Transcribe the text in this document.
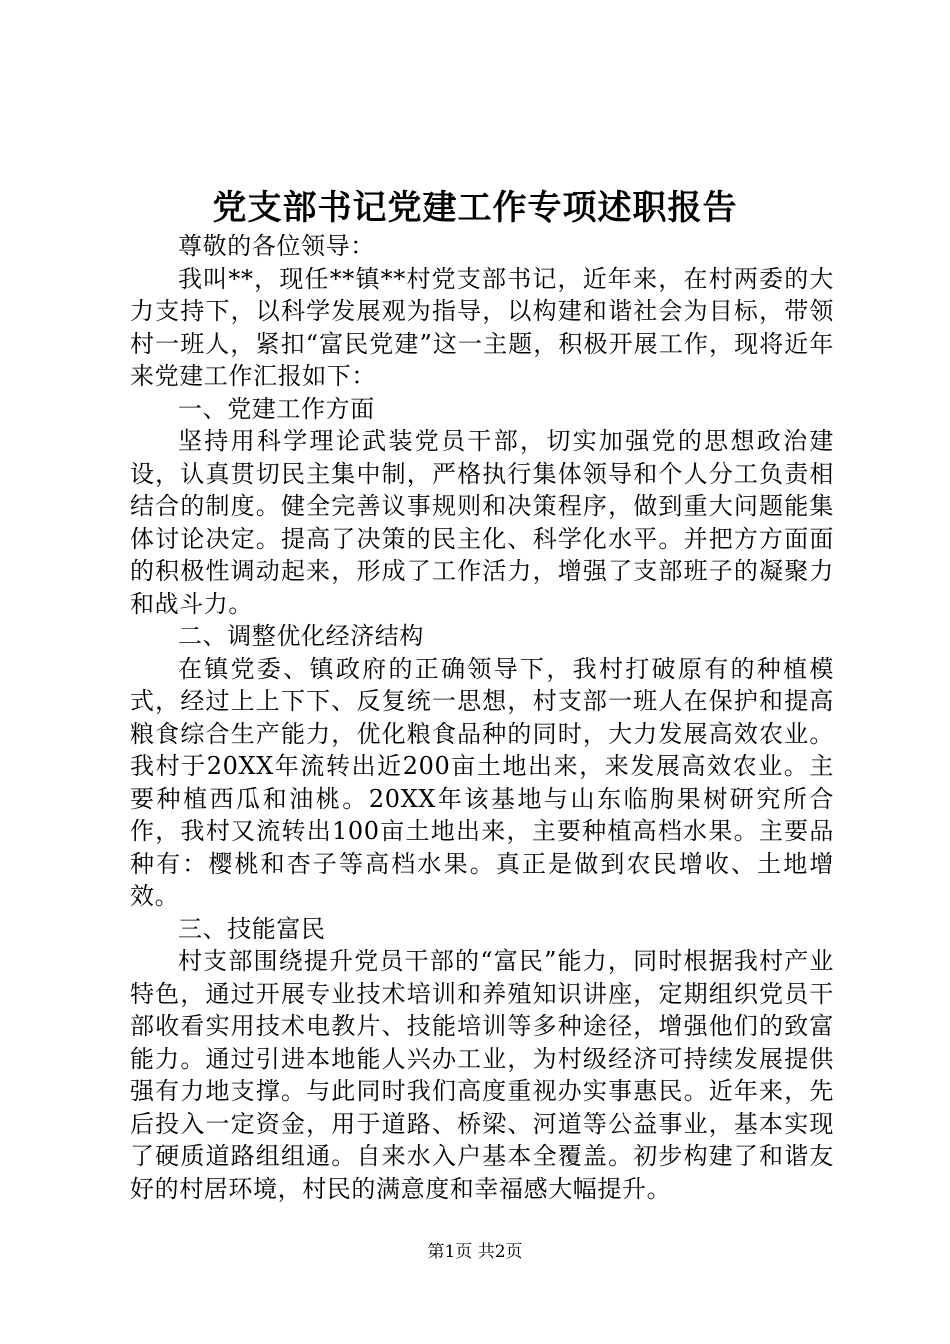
党支部书记党建工作专项述职报告

尊敬的各位领导：

我叫**，现任**镇**村党支部书记，近年来，在村两委的大力支持下，以科学发展观为指导，以构建和谐社会为目标，带领村一班人，紧扣“富民党建”这一主题，积极开展工作，现将近年来党建工作汇报如下：

一、党建工作方面

坚持用科学理论武装党员干部，切实加强党的思想政治建设，认真贯切民主集中制，严格执行集体领导和个人分工负责相结合的制度。健全完善议事规则和决策程序，做到重大问题能集体讨论决定。提高了决策的民主化、科学化水平。并把方方面面的积极性调动起来，形成了工作活力，增强了支部班子的凝聚力和战斗力。

二、调整优化经济结构

在镇党委、镇政府的正确领导下，我村打破原有的种植模式，经过上上下下、反复统一思想，村支部一班人在保护和提高粮食综合生产能力，优化粮食品种的同时，大力发展高效农业。我村于20XX年流转出近200亩土地出来，来发展高效农业。主要种植西瓜和油桃。20XX年该基地与山东临朐果树研究所合作，我村又流转出100亩土地出来，主要种植高档水果。主要品种有：樱桃和杏子等高档水果。真正是做到农民增收、土地增效。

三、技能富民

村支部围绕提升党员干部的“富民”能力，同时根据我村产业特色，通过开展专业技术培训和养殖知识讲座，定期组织党员干部收看实用技术电教片、技能培训等多种途径，增强他们的致富能力。通过引进本地能人兴办工业，为村级经济可持续发展提供强有力地支撑。与此同时我们高度重视办实事惠民。近年来，先后投入一定资金，用于道路、桥梁、河道等公益事业，基本实现了硬质道路组组通。自来水入户基本全覆盖。初步构建了和谐友好的村居环境，村民的满意度和幸福感大幅提升。

第1页 共2页
